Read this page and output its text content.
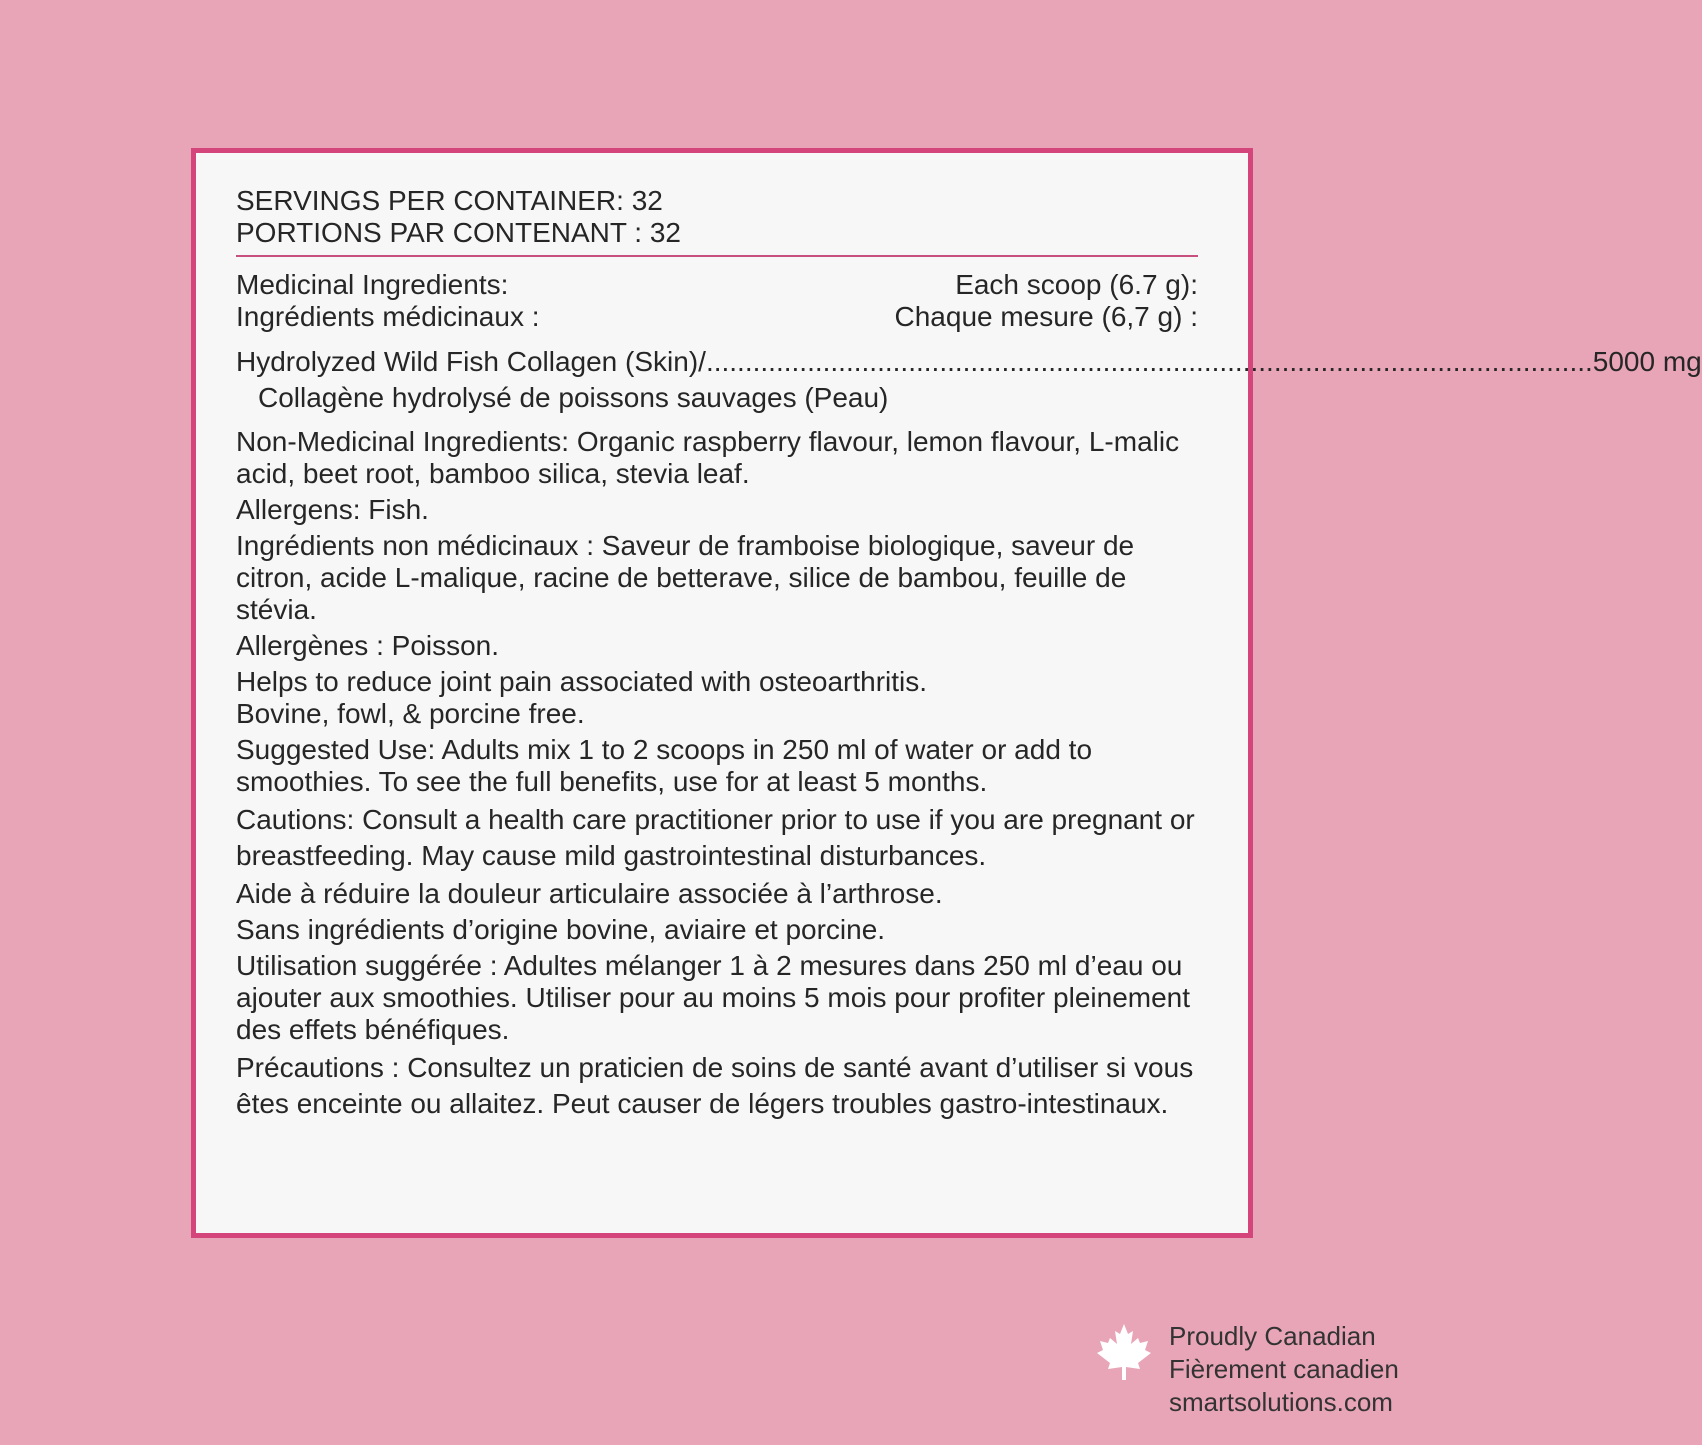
SERVINGS PER CONTAINER: 32
PORTIONS PAR CONTENANT : 32
Medicinal Ingredients:
Ingrédients médicinaux :
Each scoop (6.7 g):
Chaque mesure (6,7 g) :
Hydrolyzed Wild Fish Collagen (Skin)/ .................................................................................................................. 5000 mg
Collagène hydrolysé de poissons sauvages (Peau)
Non-Medicinal Ingredients: Organic raspberry flavour, lemon flavour, L-malic acid, beet root, bamboo silica, stevia leaf.
Allergens: Fish.
Ingrédients non médicinaux : Saveur de framboise biologique, saveur de citron, acide L-malique, racine de betterave, silice de bambou, feuille de stévia.
Allergènes : Poisson.
Helps to reduce joint pain associated with osteoarthritis.
Bovine, fowl, & porcine free.
Suggested Use: Adults mix 1 to 2 scoops in 250 ml of water or add to smoothies. To see the full benefits, use for at least 5 months.
Cautions: Consult a health care practitioner prior to use if you are pregnant or breastfeeding. May cause mild gastrointestinal disturbances.
Aide à réduire la douleur articulaire associée à l’arthrose.
Sans ingrédients d’origine bovine, aviaire et porcine.
Utilisation suggérée : Adultes mélanger 1 à 2 mesures dans 250 ml d’eau ou ajouter aux smoothies. Utiliser pour au moins 5 mois pour profiter pleinement des effets bénéfiques.
Précautions : Consultez un praticien de soins de santé avant d’utiliser si vous êtes enceinte ou allaitez. Peut causer de légers troubles gastro-intestinaux.
Proudly Canadian
Fièrement canadien
smartsolutions.com
